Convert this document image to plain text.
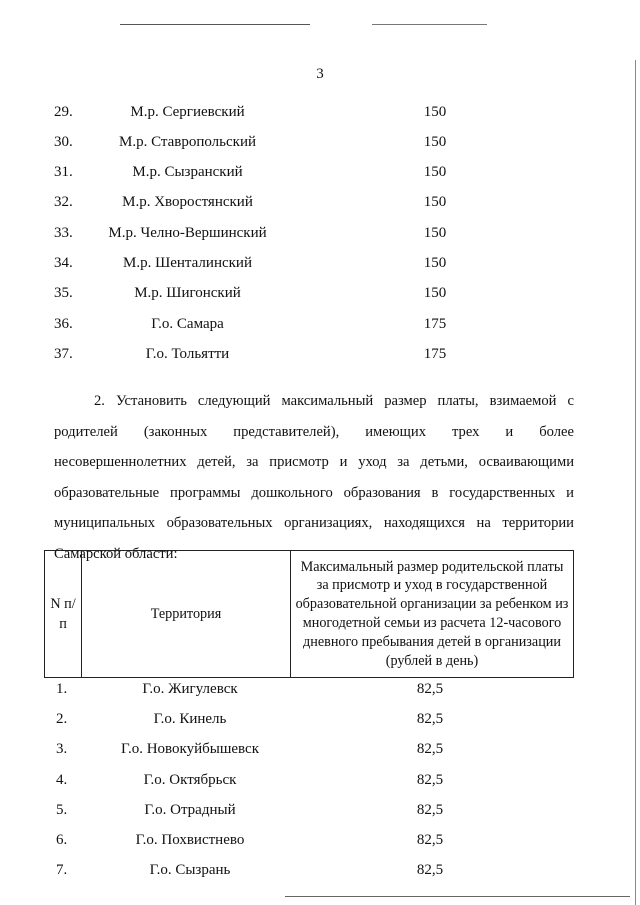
3
29.	М.р. Сергиевский	150
30.	М.р. Ставропольский	150
31.	М.р. Сызранский	150
32.	М.р. Хворостянский	150
33.	М.р. Челно-Вершинский	150
34.	М.р. Шенталинский	150
35.	М.р. Шигонский	150
36.	Г.о. Самара	175
37.	Г.о. Тольятти	175
2. Установить следующий максимальный размер платы, взимаемой с родителей (законных представителей), имеющих трех и более несовершеннолетних детей, за присмотр и уход за детьми, осваивающими образовательные программы дошкольного образования в государственных и муниципальных образовательных организациях, находящихся на территории Самарской области:
N п/п	Территория	Максимальный размер родительской платы за присмотр и уход в государственной образовательной организации за ребенком из многодетной семьи из расчета 12-часового дневного пребывания детей в организации (рублей в день)
1.	Г.о. Жигулевск	82,5
2.	Г.о. Кинель	82,5
3.	Г.о. Новокуйбышевск	82,5
4.	Г.о. Октябрьск	82,5
5.	Г.о. Отрадный	82,5
6.	Г.о. Похвистнево	82,5
7.	Г.о. Сызрань	82,5
